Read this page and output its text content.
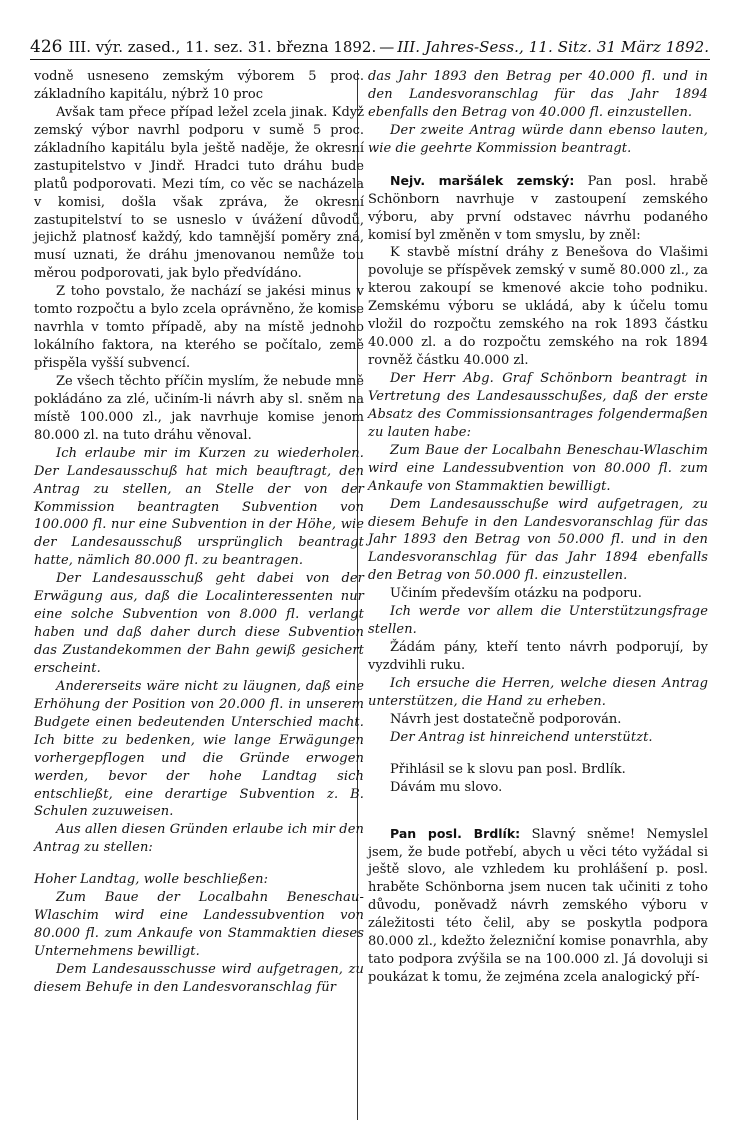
426 III. výr. zased., 11. sez. 31. března 1892. — III. Jahres-Sess., 11. Sitz. 31 März 1892.

vodně usneseno zemským výborem 5 proc. základního kapitálu, nýbrž 10 proc

Avšak tam přece případ ležel zcela jinak. Když zemský výbor navrhl podporu v sumě 5 proc. základního kapitálu byla ještě naděje, že okresní zastupitelstvo v Jindř. Hradci tuto dráhu bude platů podporovati. Mezi tím, co věc se nacházela v komisi, došla však zpráva, že okresní zastupitelství to se usneslo v úvážení důvodů, jejichž platnosť každý, kdo tamnější poměry zná, musí uznati, že dráhu jmenovanou nemůže tou měrou podporovati, jak bylo předvídáno.

Z toho povstalo, že nachází se jakési minus v tomto rozpočtu a bylo zcela oprávněno, že komise navrhla v tomto případě, aby na místě jednoho lokálního faktora, na kterého se počítalo, země přispěla vyšší subvencí.

Ze všech těchto příčin myslím, že nebude mně pokládáno za zlé, učiním-li návrh aby sl. sněm na místě 100.000 zl., jak navrhuje komise jenom 80.000 zl. na tuto dráhu věnoval.

Ich erlaube mir im Kurzen zu wiederholen. Der Landesausschuß hat mich beauftragt, den Antrag zu stellen, an Stelle der von der Kommission beantragten Subvention von 100.000 fl. nur eine Subvention in der Höhe, wie der Landesausschuß ursprünglich beantragt hatte, nämlich 80.000 fl. zu beantragen.

Der Landesausschuß geht dabei von der Erwägung aus, daß die Localinteressenten nur eine solche Subvention von 8.000 fl. verlangt haben und daß daher durch diese Subvention das Zustandekommen der Bahn gewiß gesichert erscheint.

Andererseits wäre nicht zu läugnen, daß eine Erhöhung der Position von 20.000 fl. in unserem Budgete einen bedeutenden Unterschied macht. Ich bitte zu bedenken, wie lange Erwägungen vorhergepflogen und die Gründe erwogen werden, bevor der hohe Landtag sich entschließt, eine derartige Subvention z. B. Schulen zuzuweisen.

Aus allen diesen Gründen erlaube ich mir den Antrag zu stellen:

Hoher Landtag, wolle beschließen:

Zum Baue der Localbahn Beneschau-Wlaschim wird eine Landessubvention von 80.000 fl. zum Ankaufe von Stammaktien dieses Unternehmens bewilligt.

Dem Landesausschusse wird aufgetragen, zu diesem Behufe in den Landesvoranschlag für

das Jahr 1893 den Betrag per 40.000 fl. und in den Landesvoranschlag für das Jahr 1894 ebenfalls den Betrag von 40.000 fl. einzustellen.

Der zweite Antrag würde dann ebenso lauten, wie die geehrte Kommission beantragt.

Nejv. maršálek zemský: Pan posl. hrabě Schönborn navrhuje v zastoupení zemského výboru, aby první odstavec návrhu podaného komisí byl změněn v tom smyslu, by zněl:

K stavbě místní dráhy z Benešova do Vlašimi povoluje se příspěvek zemský v sumě 80.000 zl., za kterou zakoupí se kmenové akcie toho podniku. Zemskému výboru se ukládá, aby k účelu tomu vložil do rozpočtu zemského na rok 1893 částku 40.000 zl. a do rozpočtu zemského na rok 1894 rovněž částku 40.000 zl.

Der Herr Abg. Graf Schönborn beantragt in Vertretung des Landesausschußes, daß der erste Absatz des Commissionsantrages folgendermaßen zu lauten habe:

Zum Baue der Localbahn Beneschau-Wlaschim wird eine Landessubvention von 80.000 fl. zum Ankaufe von Stammaktien bewilligt.

Dem Landesausschuße wird aufgetragen, zu diesem Behufe in den Landesvoranschlag für das Jahr 1893 den Betrag von 50.000 fl. und in den Landesvoranschlag für das Jahr 1894 ebenfalls den Betrag von 50.000 fl. einzustellen.

Učiním především otázku na podporu.

Ich werde vor allem die Unterstützungsfrage stellen.

Žádám pány, kteří tento návrh podporují, by vyzdvihli ruku.

Ich ersuche die Herren, welche diesen Antrag unterstützen, die Hand zu erheben.

Návrh jest dostatečně podporován.

Der Antrag ist hinreichend unterstützt.

Přihlásil se k slovu pan posl. Brdlík.

Dávám mu slovo.

Pan posl. Brdlík: Slavný sněme! Nemyslel jsem, že bude potřebí, abych u věci této vyžádal si ještě slovo, ale vzhledem ku prohlášení p. posl. hraběte Schönborna jsem nucen tak učiniti z toho důvodu, poněvadž návrh zemského výboru v záležitosti této čelil, aby se poskytla podpora 80.000 zl., kdežto železniční komise ponavrhla, aby tato podpora zvýšila se na 100.000 zl. Já dovoluji si poukázat k tomu, že zejména zcela analogický pří-
